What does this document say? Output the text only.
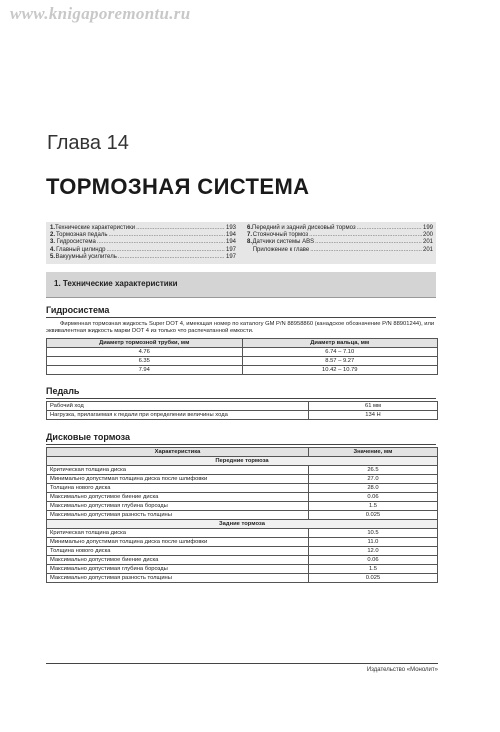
www.knigaporemontu.ru
Глава 14
ТОРМОЗНАЯ СИСТЕМА
1. Технические характеристики .....	193
2. Тормозная педаль .....	194
3. Гидросистема .....	194
4. Главный цилиндр .....	197
5. Вакуумный усилитель .....	197
6. Передний и задний дисковый тормоз .....	199
7. Стояночный тормоз .....	200
8. Датчики системы ABS .....	201
Приложение к главе .....	201
1. Технические характеристики
Гидросистема
Фирменная тормозная жидкость Super DOT 4, имеющая номер по каталогу GM P/N 88958860 (канадское обозначение P/N 88901244), или эквивалентная жидкость марки DOT 4 из только что распечатанной емкости.
Диаметр тормозной трубки, мм	Диаметр вальца, мм
4.76	6.74 – 7.10
6.35	8.57 – 9.27
7.94	10.42 – 10.79
Педаль
Рабочий ход	61 мм
Нагрузка, прилагаемая к педали при определении величины хода	134 Н
Дисковые тормоза
Характеристика	Значение, мм
Передние тормоза	
Критическая толщина диска	26.5
Минимально допустимая толщина диска после шлифовки	27.0
Толщина нового диска	28.0
Максимально допустимое биение диска	0.06
Максимально допустимая глубина борозды	1.5
Максимально допустимая разность толщины	0.025
Задние тормоза	
Критическая толщина диска	10.5
Минимально допустимая толщина диска после шлифовки	11.0
Толщина нового диска	12.0
Максимально допустимое биение диска	0.06
Максимально допустимая глубина борозды	1.5
Максимально допустимая разность толщины	0.025
Издательство «Монолит»
